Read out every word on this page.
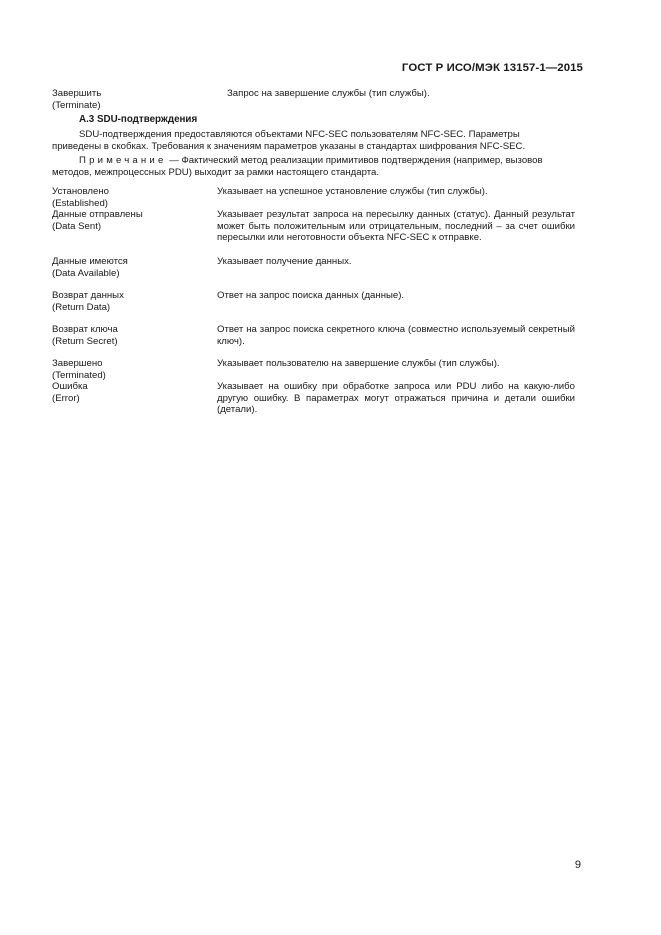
ГОСТ Р ИСО/МЭК 13157-1—2015
Завершить
(Terminate)
Запрос на завершение службы (тип службы).
А.3 SDU-подтверждения
SDU-подтверждения предоставляются объектами NFC-SEC пользователям NFC-SEC. Параметры
приведены в скобках. Требования к значениям параметров указаны в стандартах шифрования NFC-SEC.
Примечание — Фактический метод реализации примитивов подтверждения (например, вызовов
методов, межпроцессных PDU) выходит за рамки настоящего стандарта.
Установлено
(Established)
Указывает на успешное установление службы (тип службы).
Данные отправлены
(Data Sent)
Указывает результат запроса на пересылку данных (статус). Данный результат может быть положительным или отрицательным, последний – за счет ошибки пересылки или неготовности объекта NFC-SEC к отправке.
Данные имеются
(Data Available)
Указывает получение данных.
Возврат данных
(Return Data)
Ответ на запрос поиска данных (данные).
Возврат ключа
(Return Secret)
Ответ на запрос поиска секретного ключа (совместно используемый секретный ключ).
Завершено
(Terminated)
Указывает пользователю на завершение службы (тип службы).
Ошибка
(Error)
Указывает на ошибку при обработке запроса или PDU либо на какую-либо другую ошибку. В параметрах могут отражаться причина и детали ошибки (детали).
9
